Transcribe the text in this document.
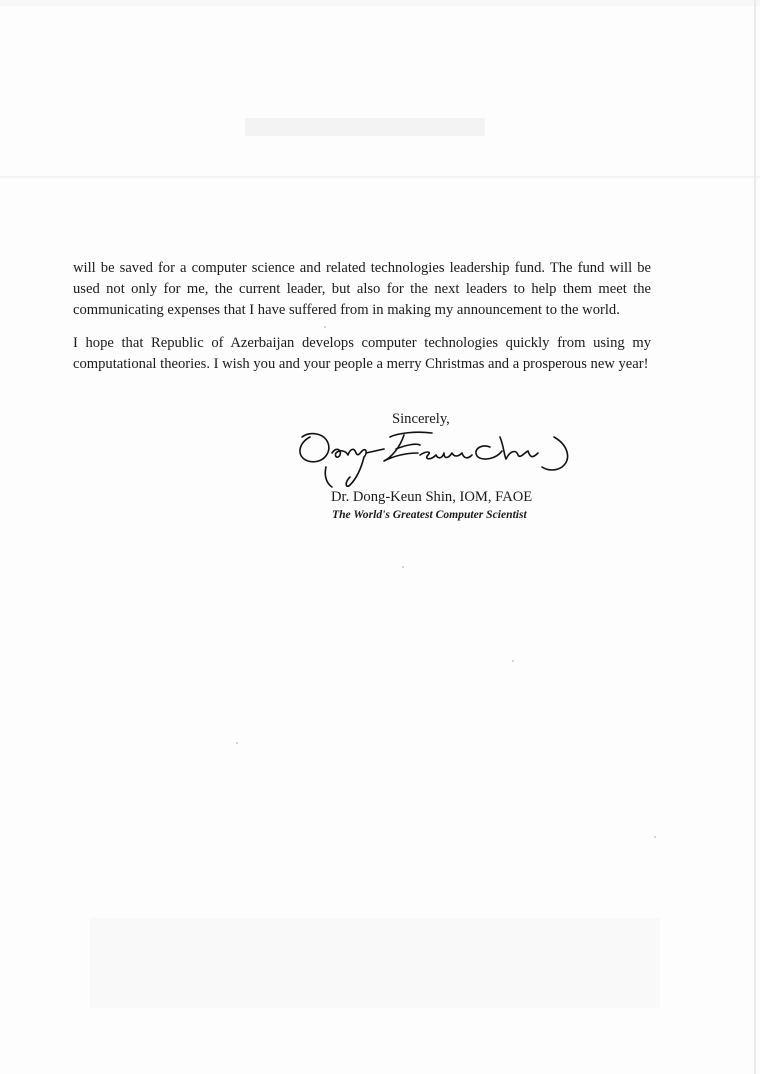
will be saved for a computer science and related technologies leadership fund. The fund will be used not only for me, the current leader, but also for the next leaders to help them meet the communicating expenses that I have suffered from in making my announcement to the world.

I hope that Republic of Azerbaijan develops computer technologies quickly from using my computational theories. I wish you and your people a merry Christmas and a prosperous new year!

Sincerely,

Dr. Dong-Keun Shin, IOM, FAOE

The World's Greatest Computer Scientist
